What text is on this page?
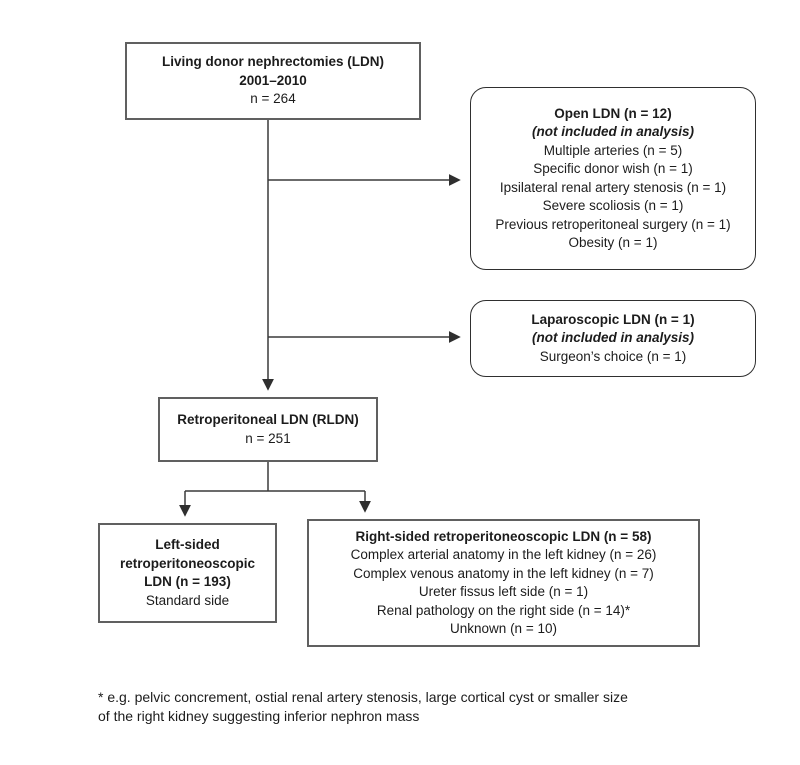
Living donor nephrectomies (LDN)
2001–2010
n = 264
Open LDN (n = 12)
(not included in analysis)
Multiple arteries (n = 5)
Specific donor wish (n = 1)
Ipsilateral renal artery stenosis (n = 1)
Severe scoliosis (n = 1)
Previous retroperitoneal surgery (n = 1)
Obesity (n = 1)
Laparoscopic LDN (n = 1)
(not included in analysis)
Surgeon’s choice (n = 1)
Retroperitoneal LDN (RLDN)
n = 251
Left-sided
retroperitoneoscopic
LDN (n = 193)
Standard side
Right-sided retroperitoneoscopic LDN (n = 58)
Complex arterial anatomy in the left kidney (n = 26)
Complex venous anatomy in the left kidney (n = 7)
Ureter fissus left side (n = 1)
Renal pathology on the right side (n = 14)*
Unknown (n = 10)
* e.g. pelvic concrement, ostial renal artery stenosis, large cortical cyst or smaller size
of the right kidney suggesting inferior nephron mass
